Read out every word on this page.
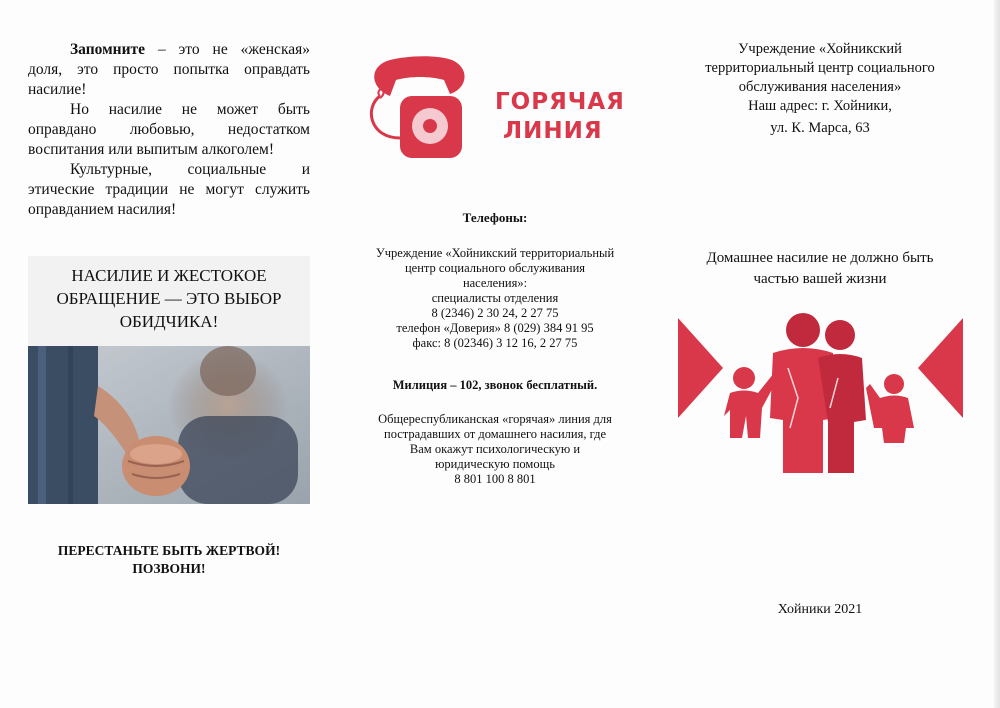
Запомните – это не «женская» доля, это просто попытка оправдать насилие!

Но насилие не может быть оправдано любовью, недостатком воспитания или выпитым алкоголем!

Культурные, социальные и этические традиции не могут служить оправданием насилия!

НАСИЛИЕ И ЖЕСТОКОЕ ОБРАЩЕНИЕ — ЭТО ВЫБОР ОБИДЧИКА!
ПЕРЕСТАНЬТЕ БЫТЬ ЖЕРТВОЙ!
ПОЗВОНИ!
ГОРЯЧАЯ
ЛИНИЯ
Телефоны:
Учреждение «Хойникский территориальный
центр социального обслуживания
населения»:
специалисты отделения
8 (2346) 2 30 24, 2 27 75
телефон «Доверия» 8 (029) 384 91 95
факс: 8 (02346) 3 12 16, 2 27 75
Милиция – 102, звонок бесплатный.
Общереспубликанская «горячая» линия для
пострадавших от домашнего насилия, где
Вам окажут психологическую и
юридическую помощь
8 801 100 8 801
Учреждение «Хойникский
территориальный центр социального
обслуживания населения»
Наш адрес: г. Хойники,
ул. К. Марса, 63
Домашнее насилие не должно быть
частью вашей жизни
Хойники 2021
